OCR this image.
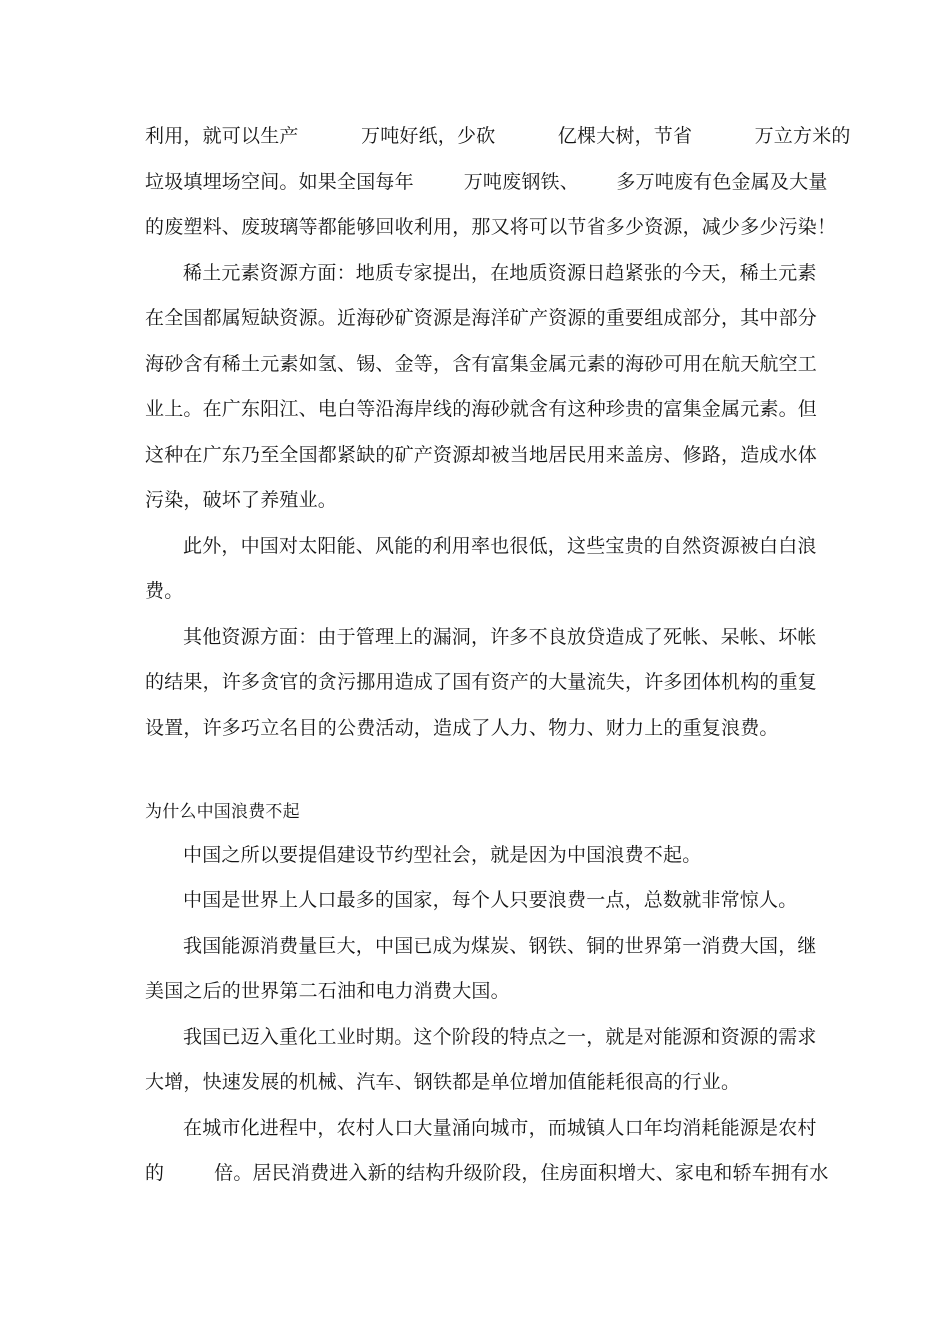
利用，就可以生产          万吨好纸，少砍          亿棵大树，节省          万立方米的
垃圾填埋场空间。如果全国每年        万吨废钢铁、      多万吨废有色金属及大量
的废塑料、废玻璃等都能够回收利用，那又将可以节省多少资源，减少多少污染！
稀土元素资源方面：地质专家提出，在地质资源日趋紧张的今天，稀土元素
在全国都属短缺资源。近海砂矿资源是海洋矿产资源的重要组成部分，其中部分
海砂含有稀土元素如氢、锡、金等，含有富集金属元素的海砂可用在航天航空工
业上。在广东阳江、电白等沿海岸线的海砂就含有这种珍贵的富集金属元素。但
这种在广东乃至全国都紧缺的矿产资源却被当地居民用来盖房、修路，造成水体
污染，破坏了养殖业。
此外，中国对太阳能、风能的利用率也很低，这些宝贵的自然资源被白白浪
费。
其他资源方面：由于管理上的漏洞，许多不良放贷造成了死帐、呆帐、坏帐
的结果，许多贪官的贪污挪用造成了国有资产的大量流失，许多团体机构的重复
设置，许多巧立名目的公费活动，造成了人力、物力、财力上的重复浪费。
为什么中国浪费不起
中国之所以要提倡建设节约型社会，就是因为中国浪费不起。
中国是世界上人口最多的国家，每个人只要浪费一点，总数就非常惊人。
我国能源消费量巨大，中国已成为煤炭、钢铁、铜的世界第一消费大国，继
美国之后的世界第二石油和电力消费大国。
我国已迈入重化工业时期。这个阶段的特点之一，就是对能源和资源的需求
大增，快速发展的机械、汽车、钢铁都是单位增加值能耗很高的行业。
在城市化进程中，农村人口大量涌向城市，而城镇人口年均消耗能源是农村
的        倍。居民消费进入新的结构升级阶段，住房面积增大、家电和轿车拥有水
